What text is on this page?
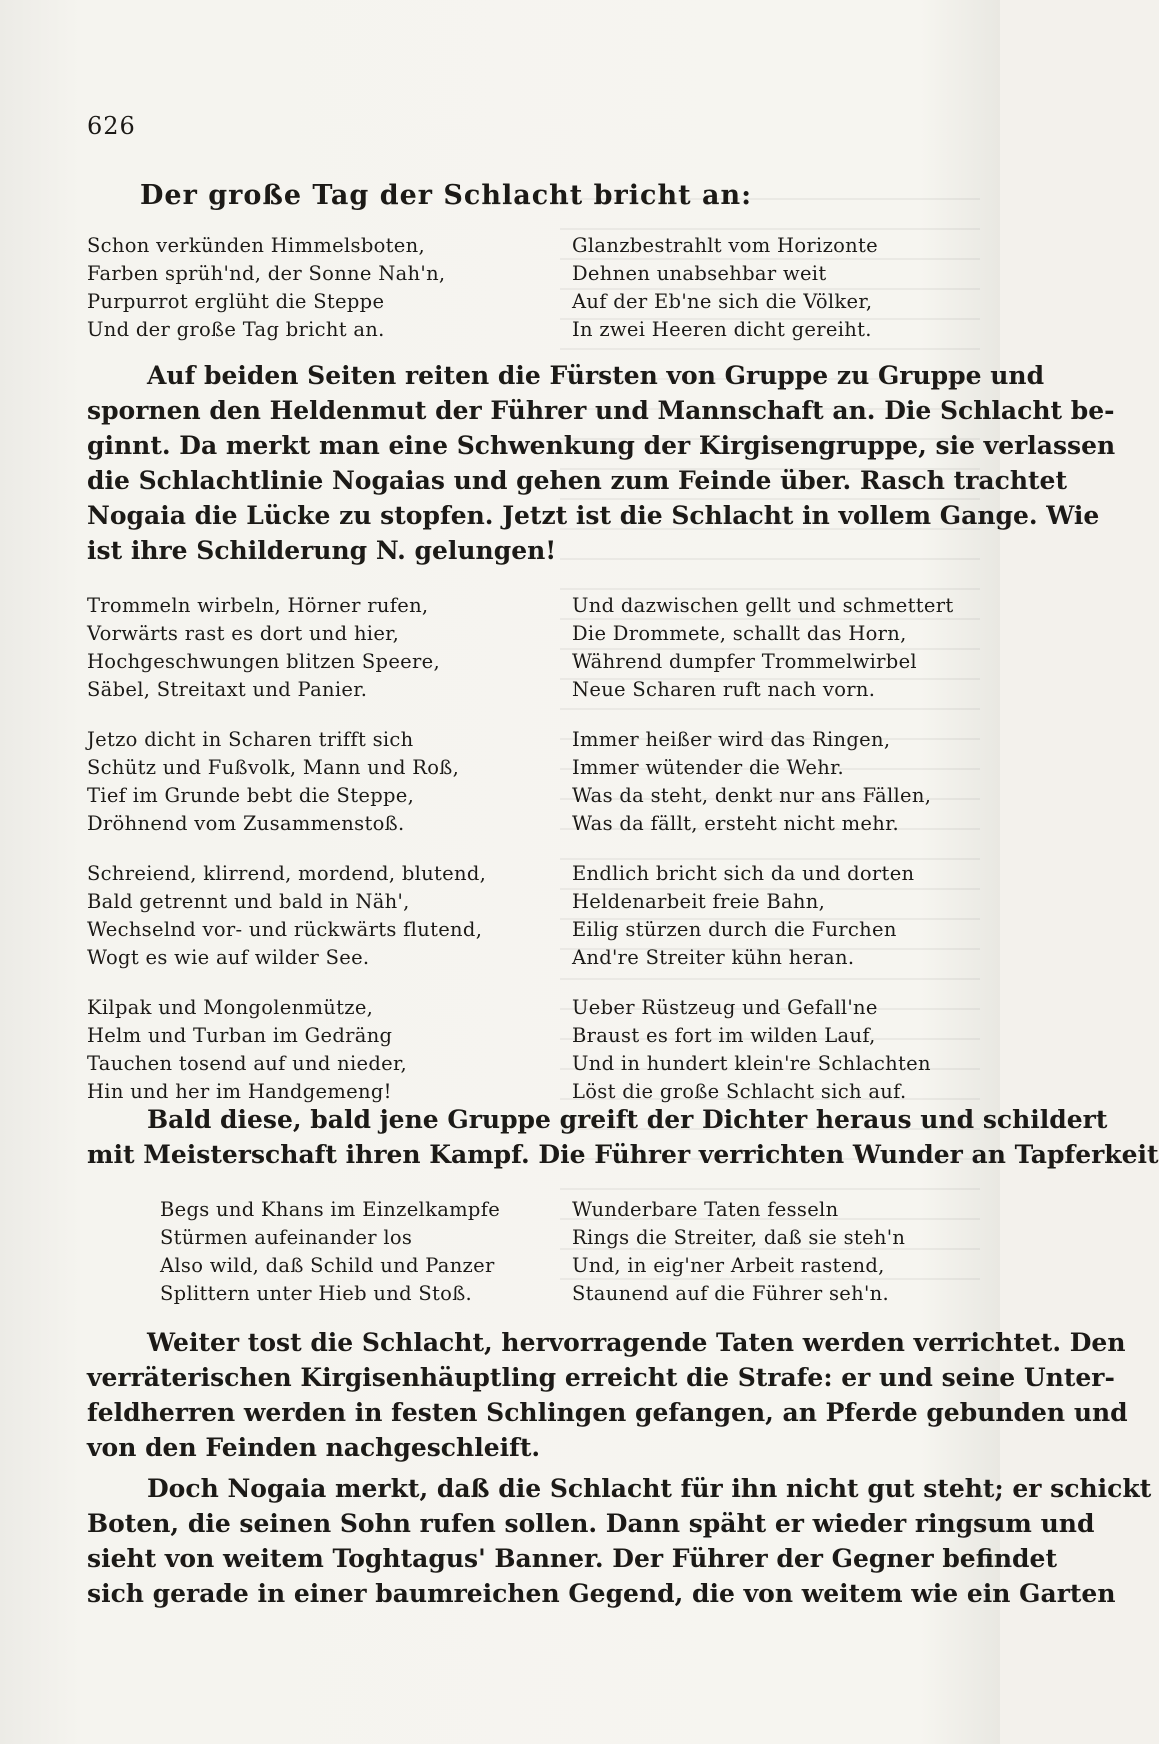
626
Der große Tag der Schlacht bricht an:
Schon verkünden Himmelsboten,
Farben sprüh'nd, der Sonne Nah'n,
Purpurrot erglüht die Steppe
Und der große Tag bricht an.
Glanzbestrahlt vom Horizonte
Dehnen unabsehbar weit
Auf der Eb'ne sich die Völker,
In zwei Heeren dicht gereiht.
Auf beiden Seiten reiten die Fürsten von Gruppe zu Gruppe und
spornen den Heldenmut der Führer und Mannschaft an. Die Schlacht be-
ginnt. Da merkt man eine Schwenkung der Kirgisengruppe, sie verlassen
die Schlachtlinie Nogaias und gehen zum Feinde über. Rasch trachtet
Nogaia die Lücke zu stopfen. Jetzt ist die Schlacht in vollem Gange. Wie
ist ihre Schilderung N. gelungen!
Trommeln wirbeln, Hörner rufen,
Vorwärts rast es dort und hier,
Hochgeschwungen blitzen Speere,
Säbel, Streitaxt und Panier.
Jetzo dicht in Scharen trifft sich
Schütz und Fußvolk, Mann und Roß,
Tief im Grunde bebt die Steppe,
Dröhnend vom Zusammenstoß.
Schreiend, klirrend, mordend, blutend,
Bald getrennt und bald in Näh',
Wechselnd vor- und rückwärts flutend,
Wogt es wie auf wilder See.
Kilpak und Mongolenmütze,
Helm und Turban im Gedräng
Tauchen tosend auf und nieder,
Hin und her im Handgemeng!
Und dazwischen gellt und schmettert
Die Drommete, schallt das Horn,
Während dumpfer Trommelwirbel
Neue Scharen ruft nach vorn.
Immer heißer wird das Ringen,
Immer wütender die Wehr.
Was da steht, denkt nur ans Fällen,
Was da fällt, ersteht nicht mehr.
Endlich bricht sich da und dorten
Heldenarbeit freie Bahn,
Eilig stürzen durch die Furchen
And're Streiter kühn heran.
Ueber Rüstzeug und Gefall'ne
Braust es fort im wilden Lauf,
Und in hundert klein're Schlachten
Löst die große Schlacht sich auf.
Bald diese, bald jene Gruppe greift der Dichter heraus und schildert
mit Meisterschaft ihren Kampf. Die Führer verrichten Wunder an Tapferkeit
Begs und Khans im Einzelkampfe
Stürmen aufeinander los
Also wild, daß Schild und Panzer
Splittern unter Hieb und Stoß.
Wunderbare Taten fesseln
Rings die Streiter, daß sie steh'n
Und, in eig'ner Arbeit rastend,
Staunend auf die Führer seh'n.
Weiter tost die Schlacht, hervorragende Taten werden verrichtet. Den
verräterischen Kirgisenhäuptling erreicht die Strafe: er und seine Unter-
feldherren werden in festen Schlingen gefangen, an Pferde gebunden und
von den Feinden nachgeschleift.
Doch Nogaia merkt, daß die Schlacht für ihn nicht gut steht; er schickt
Boten, die seinen Sohn rufen sollen. Dann späht er wieder ringsum und
sieht von weitem Toghtagus' Banner. Der Führer der Gegner befindet
sich gerade in einer baumreichen Gegend, die von weitem wie ein Garten
